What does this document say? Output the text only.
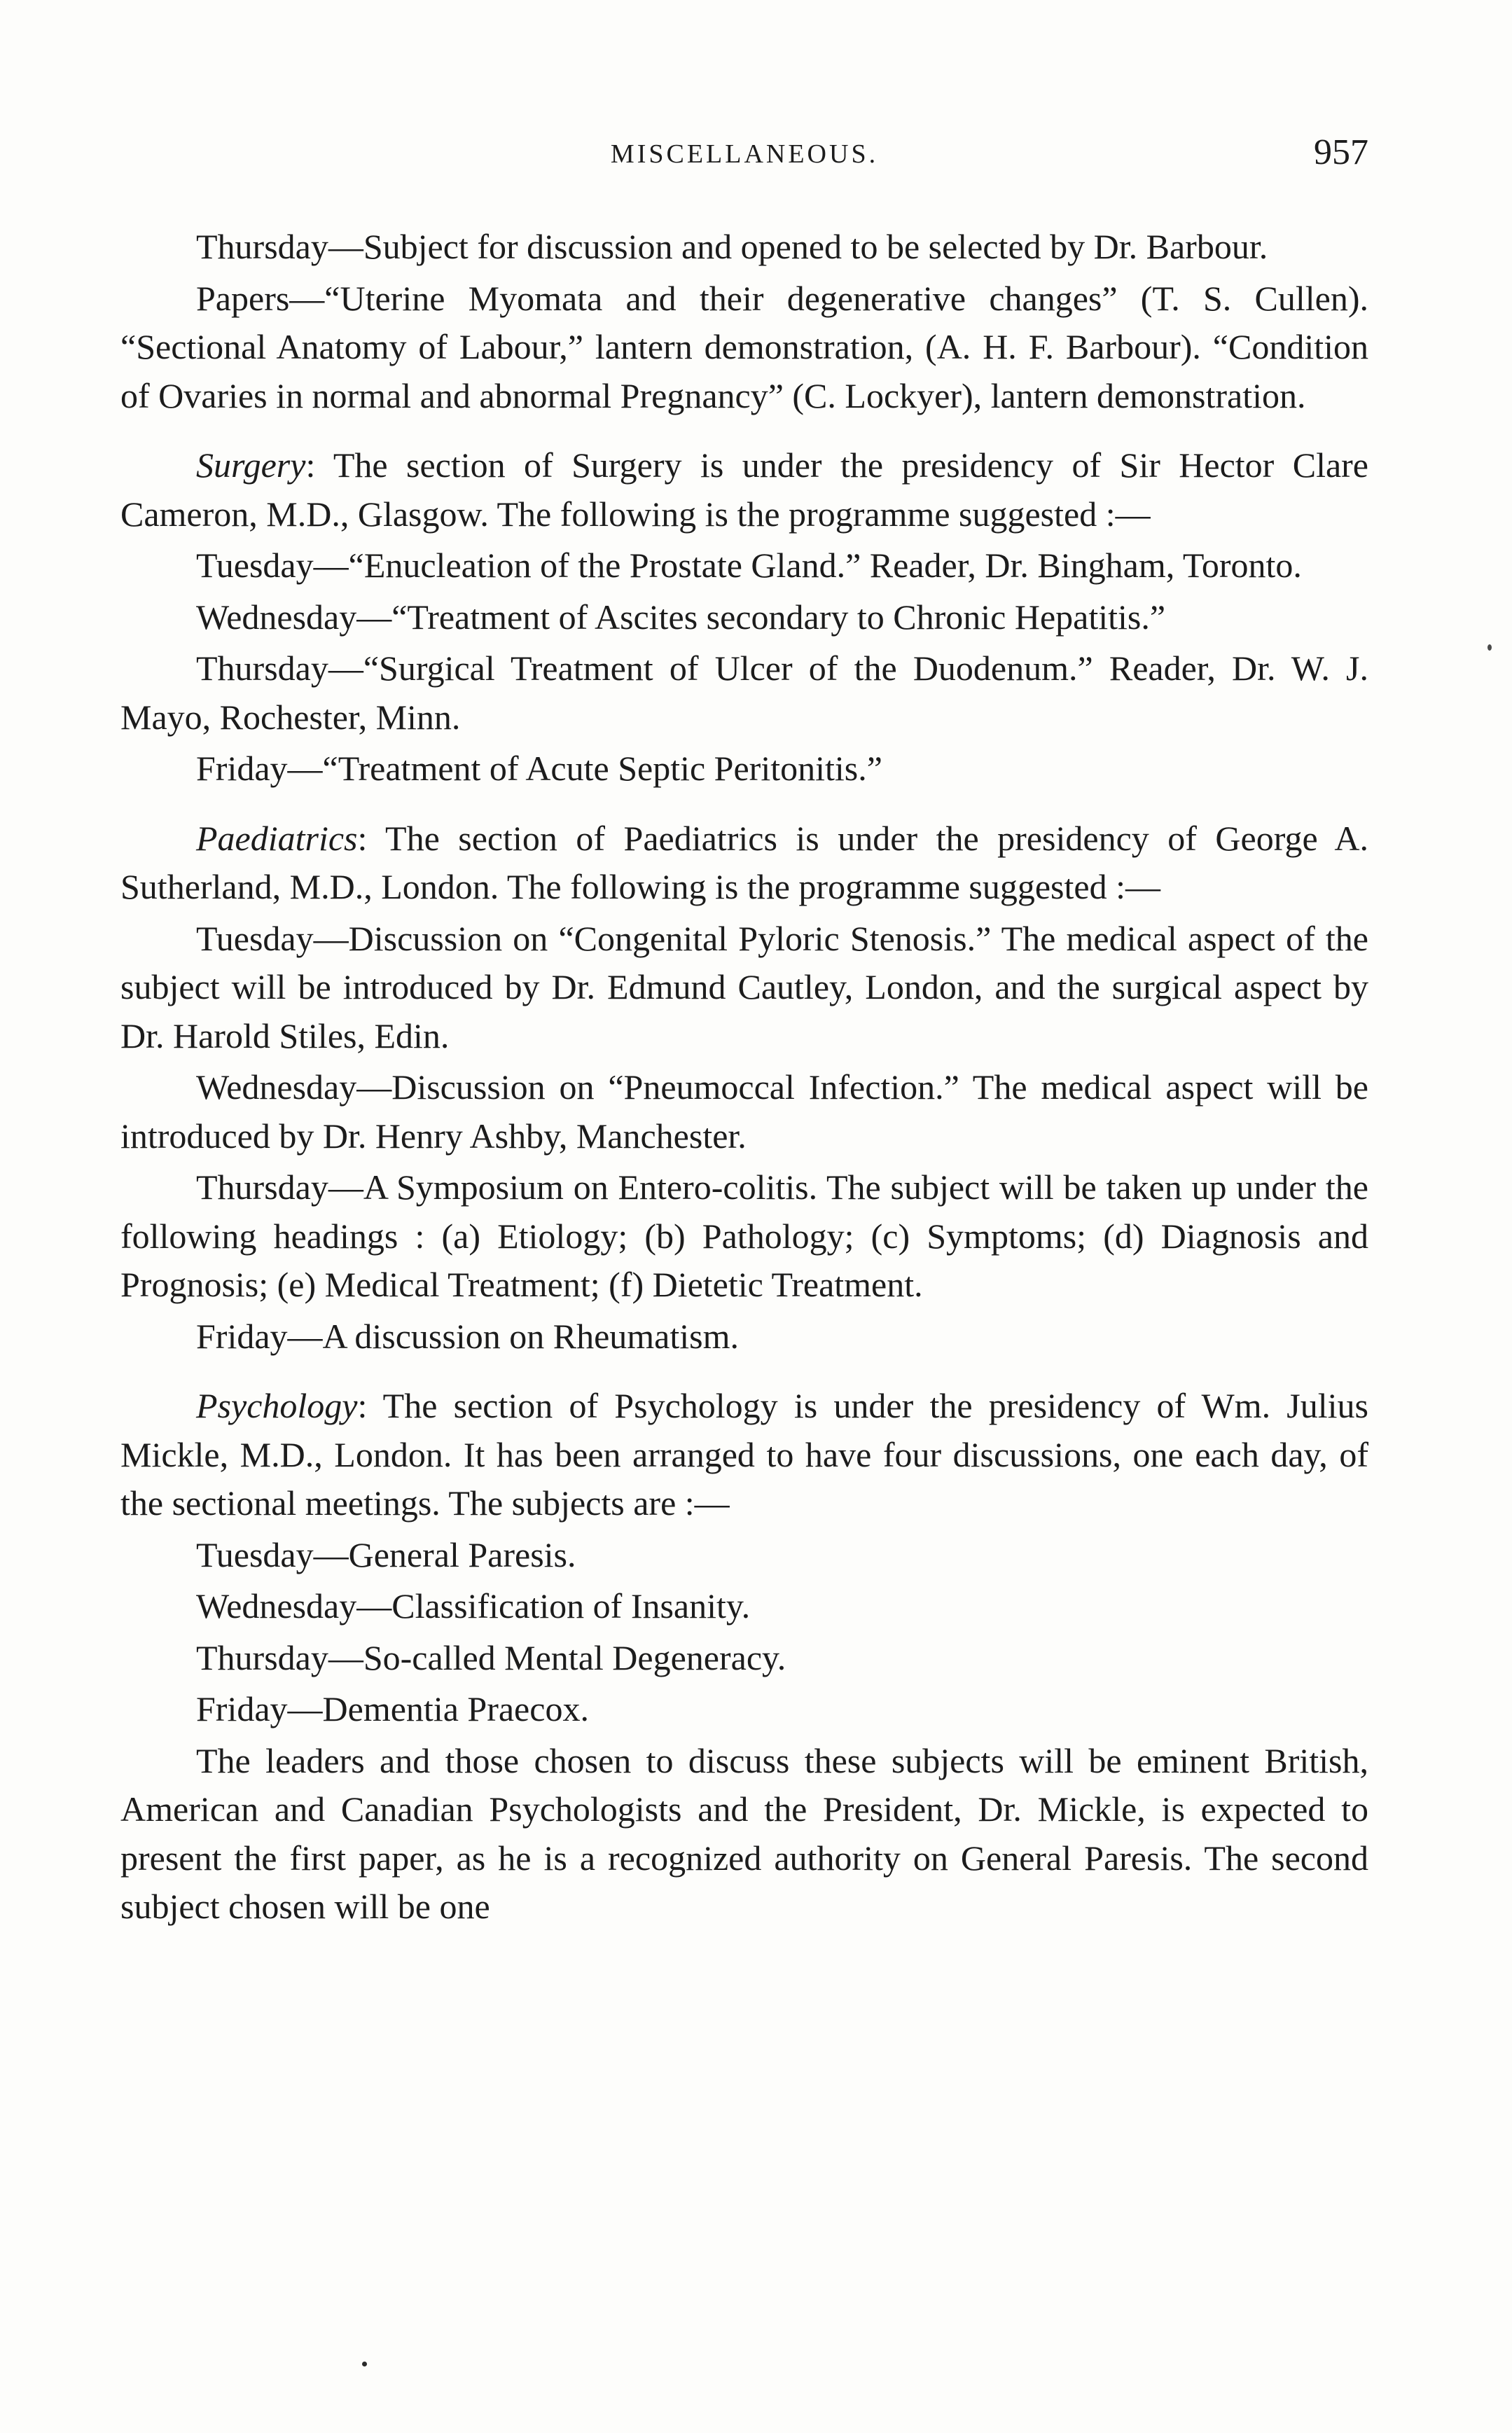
MISCELLANEOUS.	957

Thursday—Subject for discussion and opened to be selected by Dr. Barbour.

Papers—“Uterine Myomata and their degenerative changes” (T. S. Cullen). “Sectional Anatomy of Labour,” lantern demonstration, (A. H. F. Barbour). “Condition of Ovaries in normal and abnormal Pregnancy” (C. Lockyer), lantern demonstration.

Surgery: The section of Surgery is under the presidency of Sir Hector Clare Cameron, M.D., Glasgow. The following is the programme suggested :—

Tuesday—“Enucleation of the Prostate Gland.” Reader, Dr. Bingham, Toronto.

Wednesday—“Treatment of Ascites secondary to Chronic Hepatitis.”

Thursday—“Surgical Treatment of Ulcer of the Duodenum.” Reader, Dr. W. J. Mayo, Rochester, Minn.

Friday—“Treatment of Acute Septic Peritonitis.”

Paediatrics: The section of Paediatrics is under the presidency of George A. Sutherland, M.D., London. The following is the programme suggested :—

Tuesday—Discussion on “Congenital Pyloric Stenosis.” The medical aspect of the subject will be introduced by Dr. Edmund Cautley, London, and the surgical aspect by Dr. Harold Stiles, Edin.

Wednesday—Discussion on “Pneumoccal Infection.” The medical aspect will be introduced by Dr. Henry Ashby, Manchester.

Thursday—A Symposium on Entero-colitis. The subject will be taken up under the following headings : (a) Etiology; (b) Pathology; (c) Symptoms; (d) Diagnosis and Prognosis; (e) Medical Treatment; (f) Dietetic Treatment.

Friday—A discussion on Rheumatism.

Psychology: The section of Psychology is under the presidency of Wm. Julius Mickle, M.D., London. It has been arranged to have four discussions, one each day, of the sectional meetings. The subjects are :—

Tuesday—General Paresis.

Wednesday—Classification of Insanity.

Thursday—So-called Mental Degeneracy.

Friday—Dementia Praecox.

The leaders and those chosen to discuss these subjects will be eminent British, American and Canadian Psychologists and the President, Dr. Mickle, is expected to present the first paper, as he is a recognized authority on General Paresis. The second subject chosen will be one
